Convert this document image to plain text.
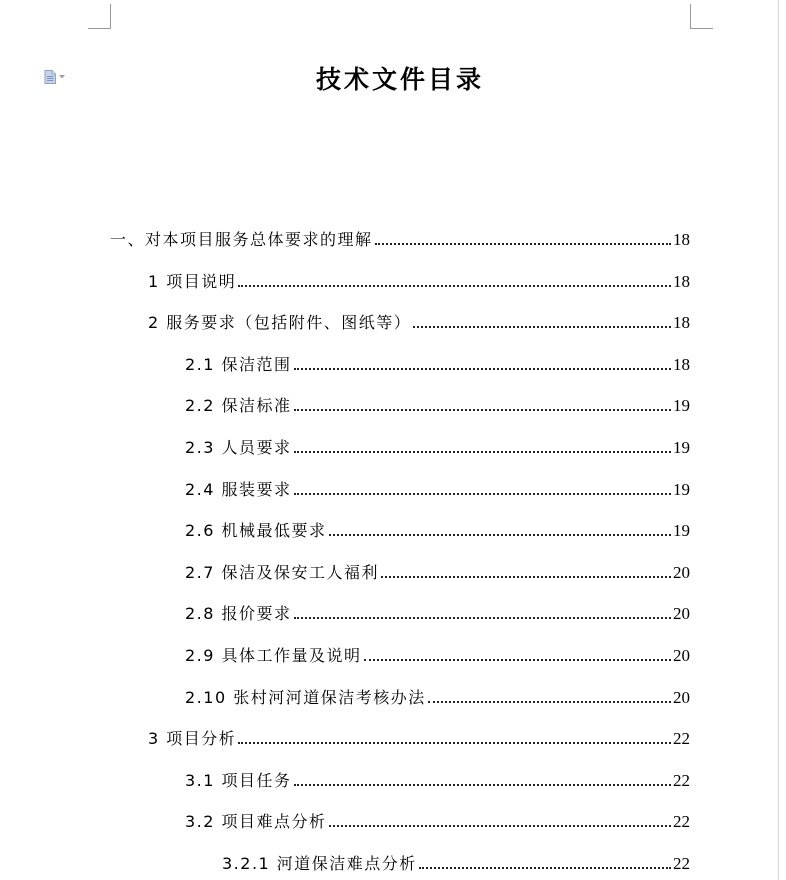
技术文件目录
一、对本项目服务总体要求的理解	18
1 项目说明	18
2 服务要求（包括附件、图纸等）	18
2.1 保洁范围	18
2.2 保洁标准	19
2.3 人员要求	19
2.4 服装要求	19
2.6 机械最低要求	19
2.7 保洁及保安工人福利	20
2.8 报价要求	20
2.9 具体工作量及说明	20
2.10 张村河河道保洁考核办法	20
3 项目分析	22
3.1 项目任务	22
3.2 项目难点分析	22
3.2.1 河道保洁难点分析	22
